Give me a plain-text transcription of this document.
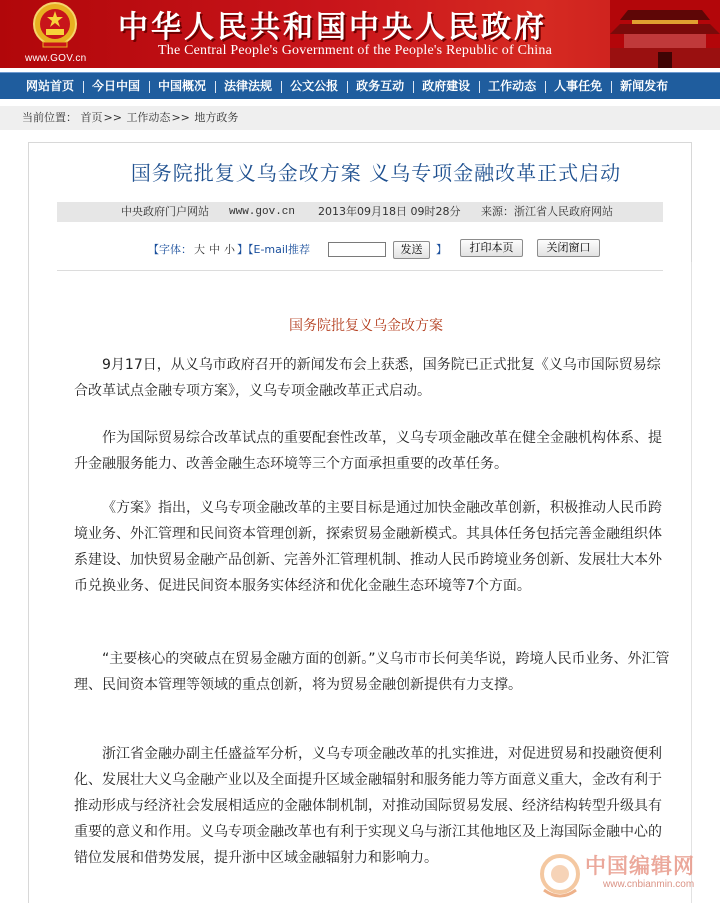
www.GOV.cn
中华人民共和国中央人民政府
The Central People's Government of the People's Republic of China
网站首页 今日中国 中国概况 法律法规 公文公报 政务互动 政府建设 工作动态 人事任免 新闻发布
当前位置： 首页>> 工作动态>> 地方政务
国务院批复义乌金改方案 义乌专项金融改革正式启动
中央政府门户网站 www.gov.cn 2013年09月18日 09时28分 来源：浙江省人民政府网站
【字体： 大 中 小 】【E-mail推荐	发送	】	打印本页	关闭窗口
国务院批复义乌金改方案

9月17日，从义乌市政府召开的新闻发布会上获悉，国务院已正式批复《义乌市国际贸易综合改革试点金融专项方案》，义乌专项金融改革正式启动。

作为国际贸易综合改革试点的重要配套性改革，义乌专项金融改革在健全金融机构体系、提升金融服务能力、改善金融生态环境等三个方面承担重要的改革任务。

《方案》指出，义乌专项金融改革的主要目标是通过加快金融改革创新，积极推动人民币跨境业务、外汇管理和民间资本管理创新，探索贸易金融新模式。其具体任务包括完善金融组织体系建设、加快贸易金融产品创新、完善外汇管理机制、推动人民币跨境业务创新、发展壮大本外币兑换业务、促进民间资本服务实体经济和优化金融生态环境等7个方面。

“主要核心的突破点在贸易金融方面的创新。”义乌市市长何美华说，跨境人民币业务、外汇管理、民间资本管理等领域的重点创新，将为贸易金融创新提供有力支撑。

浙江省金融办副主任盛益军分析，义乌专项金融改革的扎实推进，对促进贸易和投融资便利化、发展壮大义乌金融产业以及全面提升区域金融辐射和服务能力等方面意义重大，金改有利于推动形成与经济社会发展相适应的金融体制机制，对推动国际贸易发展、经济结构转型升级具有重要的意义和作用。义乌专项金融改革也有利于实现义乌与浙江其他地区及上海国际金融中心的错位发展和借势发展，提升浙中区域金融辐射力和影响力。	中国编辑网
www.cnbianmin.com
